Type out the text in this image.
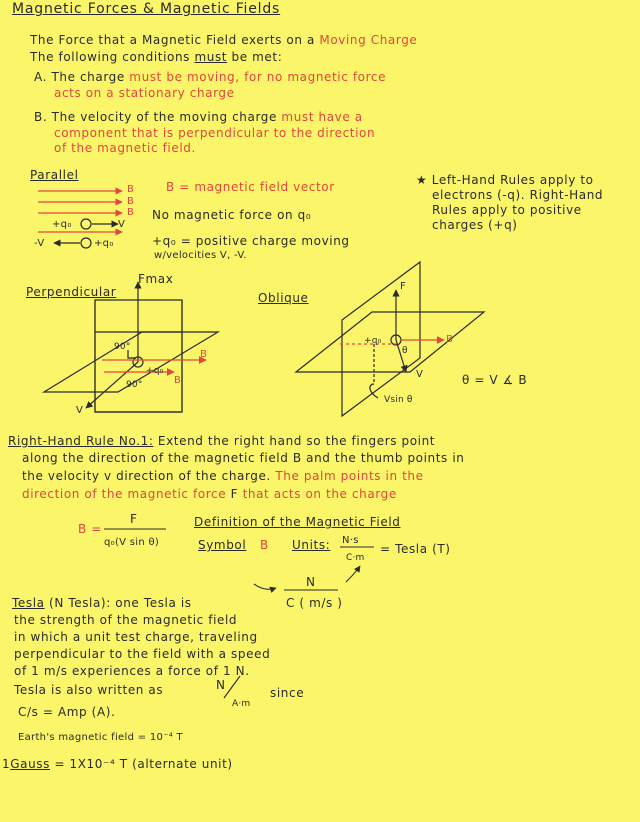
Magnetic Forces & Magnetic Fields
The Force that a Magnetic Field exerts on a Moving Charge
The following conditions must be met:
A. The charge must be moving, for no magnetic force
acts on a stationary charge
B. The velocity of the moving charge must have a
component that is perpendicular to the direction
of the magnetic field.
Parallel
B
B
B
+q₀	V
-V	+q₀
B = magnetic field vector
No magnetic force on q₀
+q₀ = positive charge moving
w/velocities V, -V.
★ Left-Hand Rules apply to
electrons (-q). Right-Hand
Rules apply to positive
charges (+q)
Perpendicular
Fmax
90°
90°
+q₀
B
B
V
Oblique
F
+q₀
θ
B
V
Vsin θ
θ = V ∡ B
Right-Hand Rule No.1: Extend the right hand so the fingers point
along the direction of the magnetic field B and the thumb points in
the velocity v direction of the charge. The palm points in the
direction of the magnetic force F that acts on the charge
B =
F
q₀(V sin θ)
Definition of the Magnetic Field
Symbol B Units: N·s
C·m
= Tesla (T)
N
C ( m/s )
Tesla (N Tesla): one Tesla is
the strength of the magnetic field
in which a unit test charge, traveling
perpendicular to the field with a speed
of 1 m/s experiences a force of 1 N.
Tesla is also written as	N
A·m
since
C/s = Amp (A).
Earth's magnetic field = 10⁻⁴ T
1Gauss = 1X10⁻⁴ T (alternate unit)
